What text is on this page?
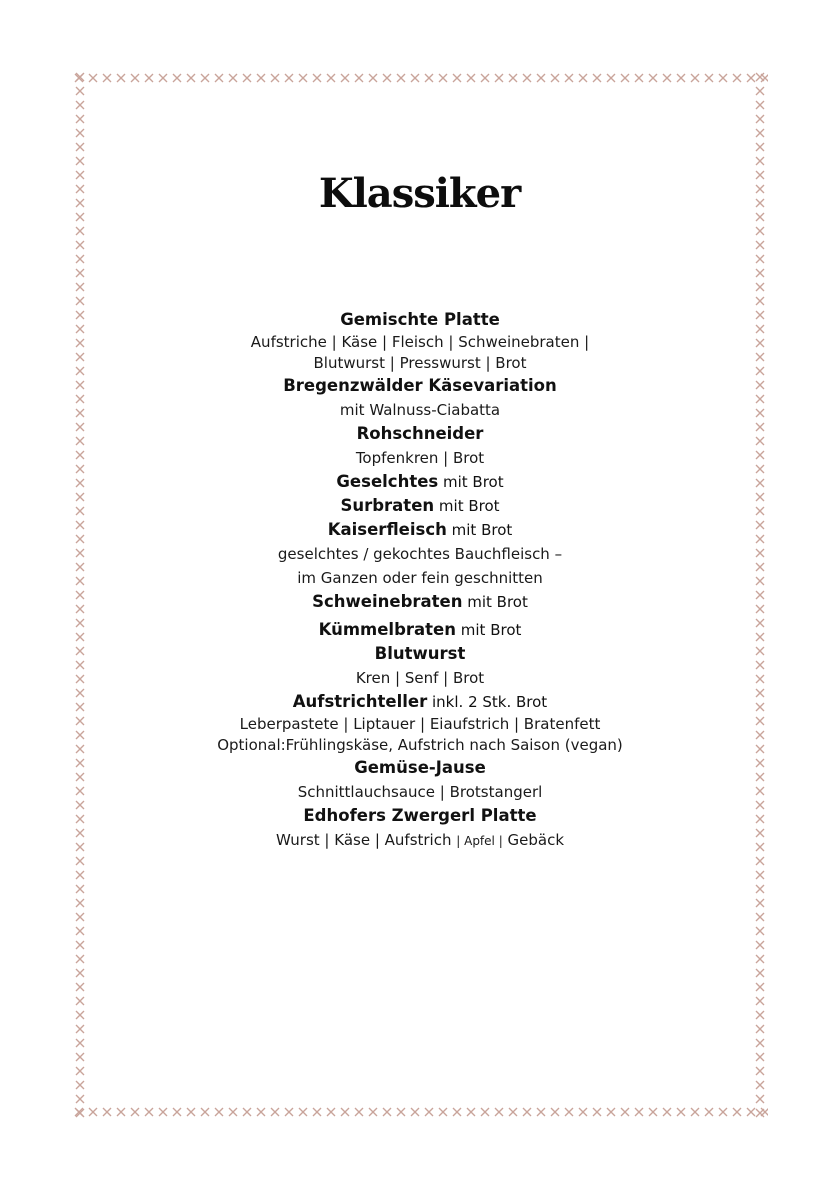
Klassiker
Gemischte Platte
Aufstriche | Käse | Fleisch | Schweinebraten |
Blutwurst | Presswurst | Brot
Bregenzwälder Käsevariation
mit Walnuss-Ciabatta
Rohschneider
Topfenkren | Brot
Geselchtes mit Brot
Surbraten mit Brot
Kaiserfleisch mit Brot
geselchtes / gekochtes Bauchfleisch –
im Ganzen oder fein geschnitten
Schweinebraten mit Brot
Kümmelbraten mit Brot
Blutwurst
Kren | Senf | Brot
Aufstrichteller inkl. 2 Stk. Brot
Leberpastete | Liptauer | Eiaufstrich | Bratenfett
Optional:Frühlingskäse, Aufstrich nach Saison (vegan)
Gemüse-Jause
Schnittlauchsauce | Brotstangerl
Edhofers Zwergerl Platte
Wurst | Käse | Aufstrich | Apfel | Gebäck
